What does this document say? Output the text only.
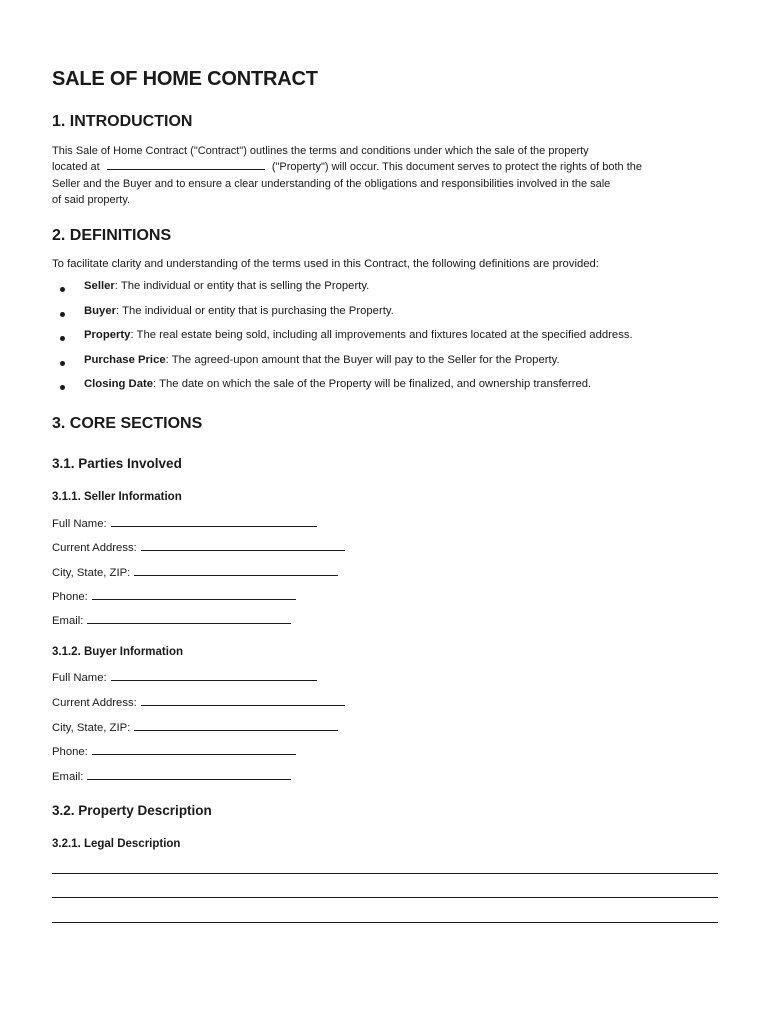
SALE OF HOME CONTRACT
1. INTRODUCTION
This Sale of Home Contract ("Contract") outlines the terms and conditions under which the sale of the property
located at	("Property") will occur. This document serves to protect the rights of both the
Seller and the Buyer and to ensure a clear understanding of the obligations and responsibilities involved in the sale
of said property.
2. DEFINITIONS
To facilitate clarity and understanding of the terms used in this Contract, the following definitions are provided:
Seller: The individual or entity that is selling the Property.
Buyer: The individual or entity that is purchasing the Property.
Property: The real estate being sold, including all improvements and fixtures located at the specified address.
Purchase Price: The agreed-upon amount that the Buyer will pay to the Seller for the Property.
Closing Date: The date on which the sale of the Property will be finalized, and ownership transferred.
3. CORE SECTIONS
3.1. Parties Involved
3.1.1. Seller Information
Full Name:
Current Address:
City, State, ZIP:
Phone:
Email:
3.1.2. Buyer Information
Full Name:
Current Address:
City, State, ZIP:
Phone:
Email:
3.2. Property Description
3.2.1. Legal Description
